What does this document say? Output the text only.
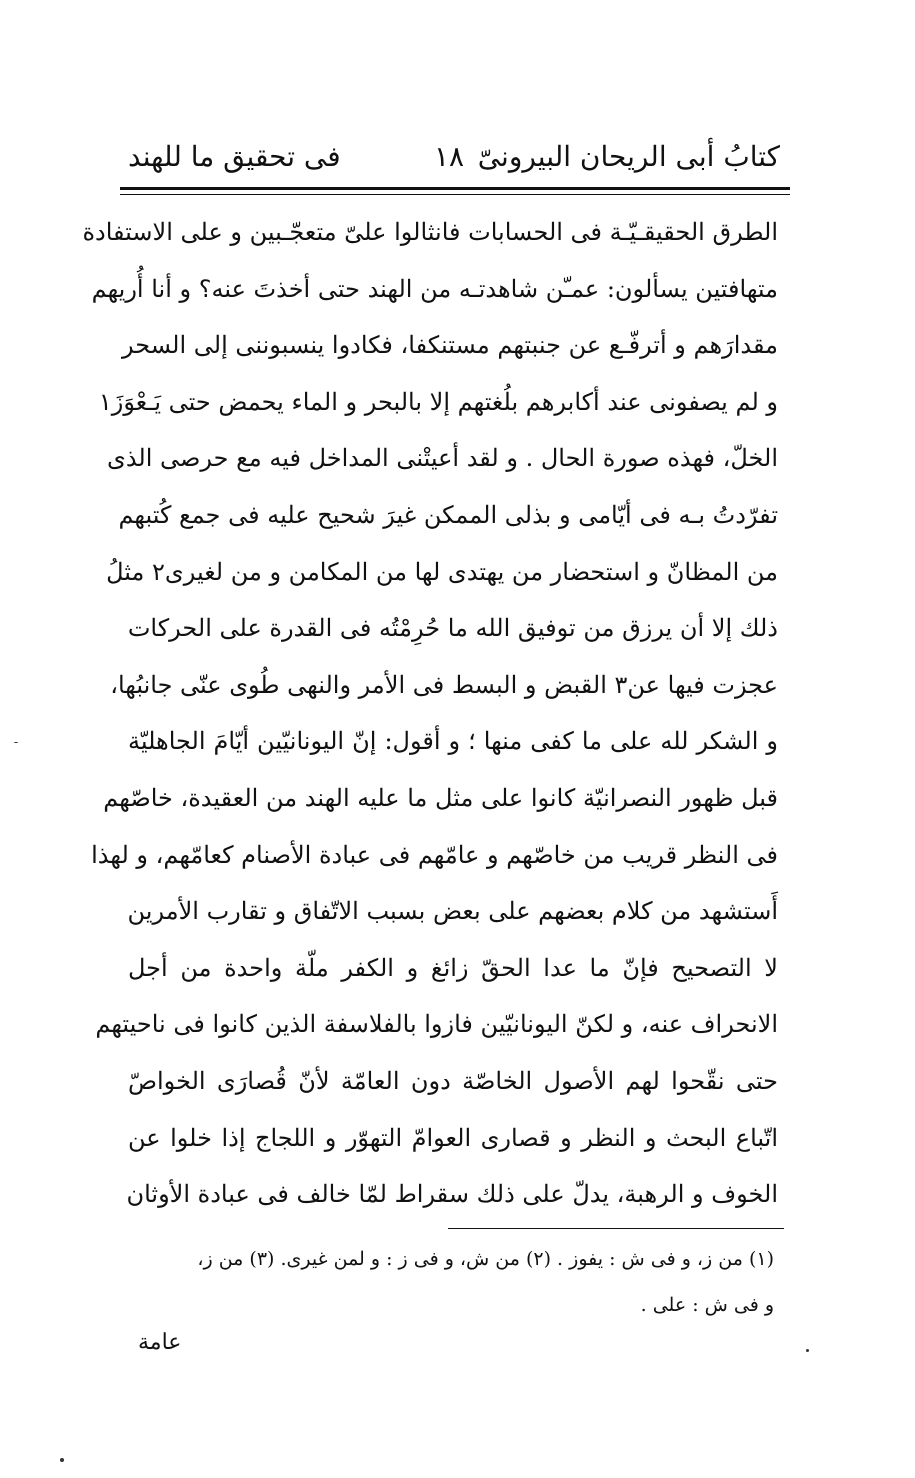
كتابُ أبى الريحان البيرونىّ
١٨
فى تحقيق ما للهند
الطرق الحقيقـيّـة فى الحسابات فانثالوا علىّ متعجّـبين و على الاستفادة
متهافتين يسألون: عمـّن شاهدتـه من الهند حتى أخذتَ عنه؟ و أنا أُريهم
مقدارَهم و أترفّـع عن جنبتهم مستنكفا، فكادوا ينسبوننى إلى السحر
و لم يصفونى عند أكابرهم بلُغتهم إلا بالبحر و الماء يحمض حتى يَـعْوَزَ١
الخلّ، فهذه صورة الحال . و لقد أعيتْنى المداخل فيه مع حرصى الذى
تفرّدتُ بـه فى أيّامى و بذلى الممكن غيرَ شحيح عليه فى جمع كُتبهم
من المظانّ و استحضار من يهتدى لها من المكامن و من لغيرى٢ مثلُ
ذلك إلا أن يرزق من توفيق الله ما حُرِمْتُه فى القدرة على الحركات
عجزت فيها عن٣ القبض و البسط فى الأمر والنهى طُوى عنّى جانبُها،
و الشكر لله على ما كفى منها ؛ و أقول: إنّ اليونانيّين أيّامَ الجاهليّة
قبل ظهور النصرانيّة كانوا على مثل ما عليه الهند من العقيدة، خاصّهم
فى النظر قريب من خاصّهم و عامّهم فى عبادة الأصنام كعامّهم، و لهذا
أَستشهد من كلام بعضهم على بعض بسبب الاتّفاق و تقارب الأمرين
لا التصحيح فإنّ ما عدا الحقّ زائغ و الكفر ملّة واحدة من أجل
الانحراف عنه، و لكنّ اليونانيّين فازوا بالفلاسفة الذين كانوا فى ناحيتهم
حتى نقّحوا لهم الأصول الخاصّة دون العامّة لأنّ قُصارَى الخواصّ
اتّباع البحث و النظر و قصارى العوامّ التهوّر و اللجاج إذا خلوا عن
الخوف و الرهبة، يدلّ على ذلك سقراط لمّا خالف فى عبادة الأوثان
(١) من ز، و فى ش : يفوز . (٢) من ش، و فى ز : و لمن غيرى. (٣) من ز،
و فى ش : على .
عامة
